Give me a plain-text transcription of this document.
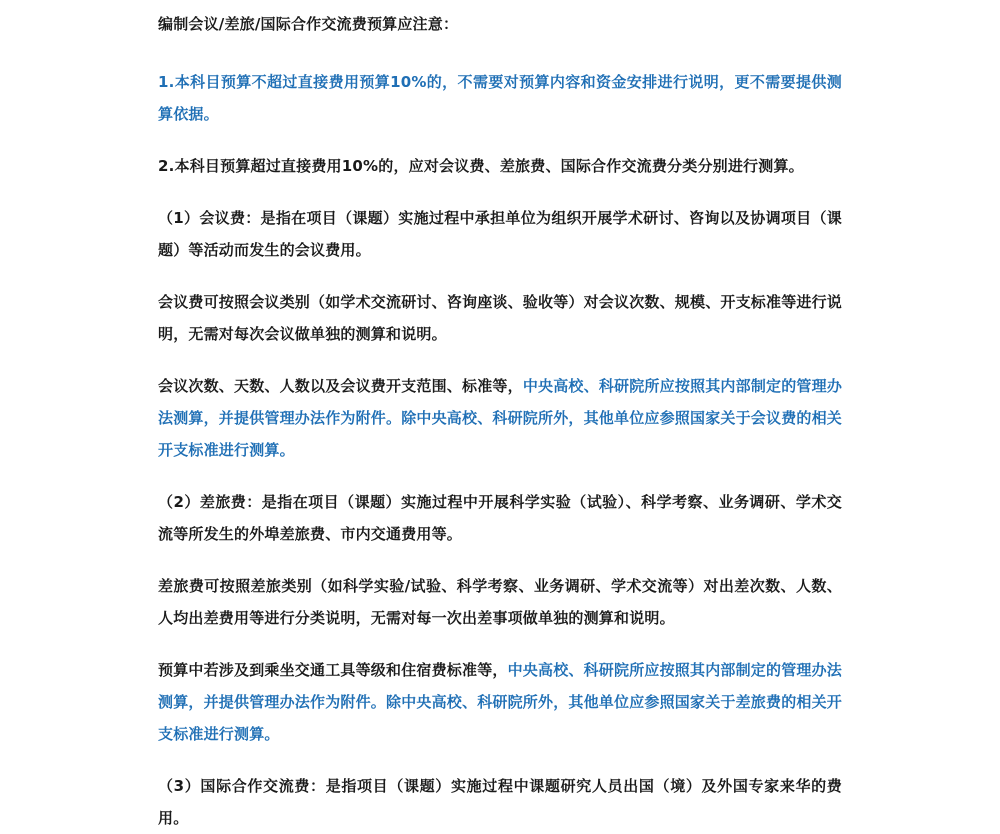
编制会议/差旅/国际合作交流费预算应注意：

1.本科目预算不超过直接费用预算10%的，不需要对预算内容和资金安排进行说明，更不需要提供测算依据。

2.本科目预算超过直接费用10%的，应对会议费、差旅费、国际合作交流费分类分别进行测算。

（1）会议费：是指在项目（课题）实施过程中承担单位为组织开展学术研讨、咨询以及协调项目（课题）等活动而发生的会议费用。

会议费可按照会议类别（如学术交流研讨、咨询座谈、验收等）对会议次数、规模、开支标准等进行说明，无需对每次会议做单独的测算和说明。

会议次数、天数、人数以及会议费开支范围、标准等，中央高校、科研院所应按照其内部制定的管理办法测算，并提供管理办法作为附件。除中央高校、科研院所外，其他单位应参照国家关于会议费的相关开支标准进行测算。

（2）差旅费：是指在项目（课题）实施过程中开展科学实验（试验）、科学考察、业务调研、学术交流等所发生的外埠差旅费、市内交通费用等。

差旅费可按照差旅类别（如科学实验/试验、科学考察、业务调研、学术交流等）对出差次数、人数、人均出差费用等进行分类说明，无需对每一次出差事项做单独的测算和说明。

预算中若涉及到乘坐交通工具等级和住宿费标准等，中央高校、科研院所应按照其内部制定的管理办法测算，并提供管理办法作为附件。除中央高校、科研院所外，其他单位应参照国家关于差旅费的相关开支标准进行测算。

（3）国际合作交流费：是指项目（课题）实施过程中课题研究人员出国（境）及外国专家来华的费用。
